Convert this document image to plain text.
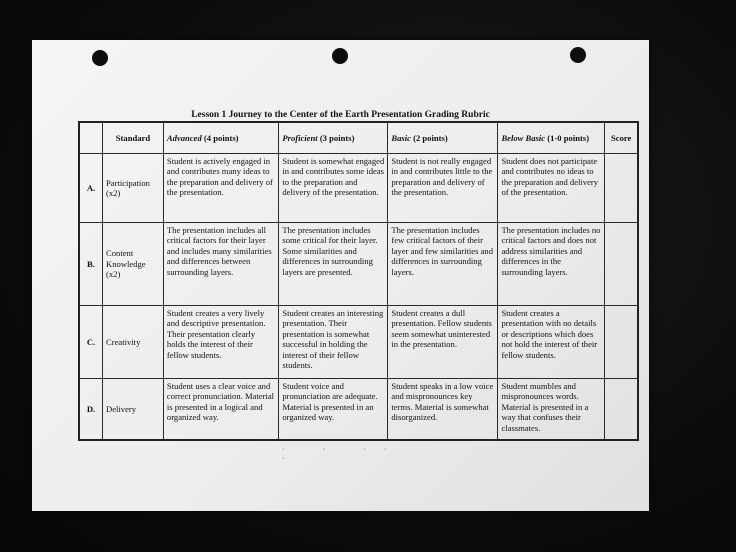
Lesson 1 Journey to the Center of the Earth Presentation Grading Rubric
	Standard	Advanced (4 points)	Proficient (3 points)	Basic (2 points)	Below Basic (1-0 points)	Score
A.	Participation (x2)	Student is actively engaged in and contributes many ideas to the preparation and delivery of the presentation.	Student is somewhat engaged in and contributes some ideas to the preparation and delivery of the presentation.	Student is not really engaged in and contributes little to the preparation and delivery of the presentation.	Student does not participate and contributes no ideas to the preparation and delivery of the presentation.	
B.	Content Knowledge (x2)	The presentation includes all critical factors for their layer and includes many similarities and differences between surrounding layers.	The presentation includes some critical for their layer. Some similarities and differences in surrounding layers are presented.	The presentation includes few critical factors of their layer and few similarities and differences in surrounding layers.	The presentation includes no critical factors and does not address similarities and differences in the surrounding layers.	
C.	Creativity	Student creates a very lively and descriptive presentation. Their presentation clearly holds the interest of their fellow students.	Student creates an interesting presentation. Their presentation is somewhat successful in holding the interest of their fellow students.	Student creates a dull presentation. Fellow students seem somewhat uninterested in the presentation.	Student creates a presentation with no details or descriptions which does not hold the interest of their fellow students.	
D.	Delivery	Student uses a clear voice and correct pronunciation. Material is presented in a logical and organized way.	Student voice and pronunciation are adequate. Material is presented in an organized way.	Student speaks in a low voice and mispronounces key terms. Material is somewhat disorganized.	Student mumbles and mispronounces words. Material is presented in a way that confuses their classmates.	
· · ·· ·
